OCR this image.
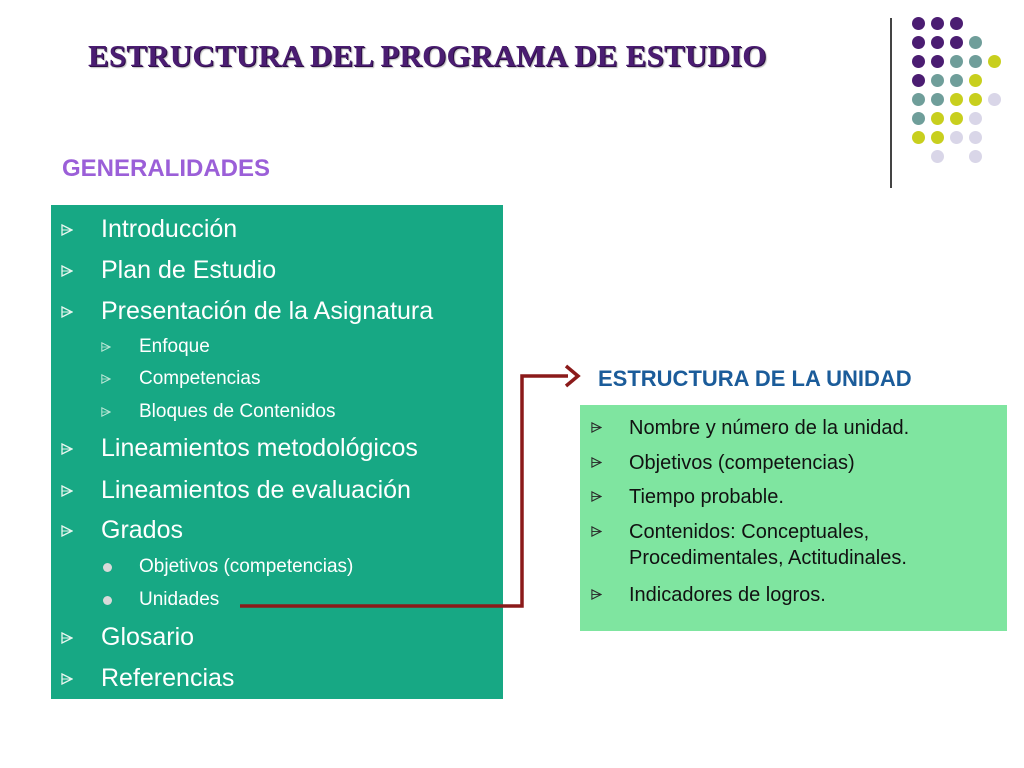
ESTRUCTURA DEL PROGRAMA DE ESTUDIO
GENERALIDADES
Introducción
Plan de Estudio
Presentación de la Asignatura
Enfoque
Competencias
Bloques de Contenidos
Lineamientos metodológicos
Lineamientos de evaluación
Grados
Objetivos (competencias)
Unidades
Glosario
Referencias
ESTRUCTURA DE LA UNIDAD
Nombre y número de la unidad.
Objetivos (competencias)
Tiempo probable.
Contenidos: Conceptuales, Procedimentales, Actitudinales.
Indicadores de logros.
